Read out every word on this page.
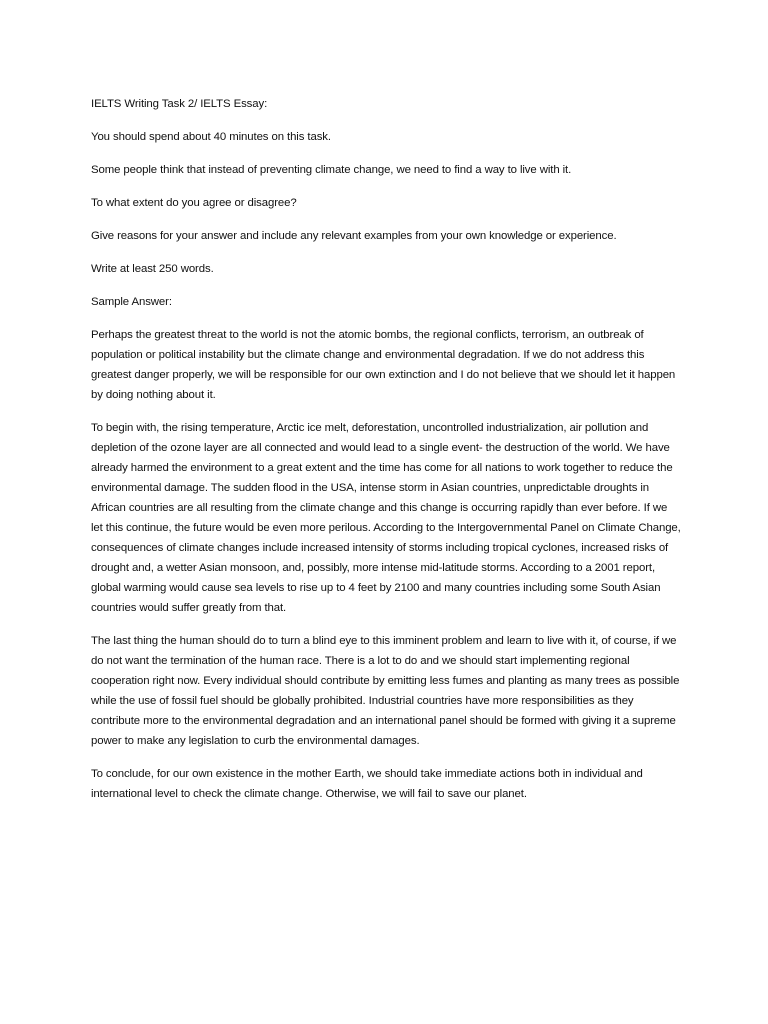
IELTS Writing Task 2/ IELTS Essay:

You should spend about 40 minutes on this task.

Some people think that instead of preventing climate change, we need to find a way to live with it.

To what extent do you agree or disagree?

Give reasons for your answer and include any relevant examples from your own knowledge or experience.

Write at least 250 words.

Sample Answer:

Perhaps the greatest threat to the world is not the atomic bombs, the regional conflicts, terrorism, an outbreak of population or political instability but the climate change and environmental degradation. If we do not address this greatest danger properly, we will be responsible for our own extinction and I do not believe that we should let it happen by doing nothing about it.

To begin with, the rising temperature, Arctic ice melt, deforestation, uncontrolled industrialization, air pollution and depletion of the ozone layer are all connected and would lead to a single event- the destruction of the world. We have already harmed the environment to a great extent and the time has come for all nations to work together to reduce the environmental damage. The sudden flood in the USA, intense storm in Asian countries, unpredictable droughts in African countries are all resulting from the climate change and this change is occurring rapidly than ever before. If we let this continue, the future would be even more perilous. According to the Intergovernmental Panel on Climate Change, consequences of climate changes include increased intensity of storms including tropical cyclones, increased risks of drought and, a wetter Asian monsoon, and, possibly, more intense mid-latitude storms. According to a 2001 report, global warming would cause sea levels to rise up to 4 feet by 2100 and many countries including some South Asian countries would suffer greatly from that.

The last thing the human should do to turn a blind eye to this imminent problem and learn to live with it, of course, if we do not want the termination of the human race. There is a lot to do and we should start implementing regional cooperation right now. Every individual should contribute by emitting less fumes and planting as many trees as possible while the use of fossil fuel should be globally prohibited. Industrial countries have more responsibilities as they contribute more to the environmental degradation and an international panel should be formed with giving it a supreme power to make any legislation to curb the environmental damages.

To conclude, for our own existence in the mother Earth, we should take immediate actions both in individual and international level to check the climate change. Otherwise, we will fail to save our planet.
